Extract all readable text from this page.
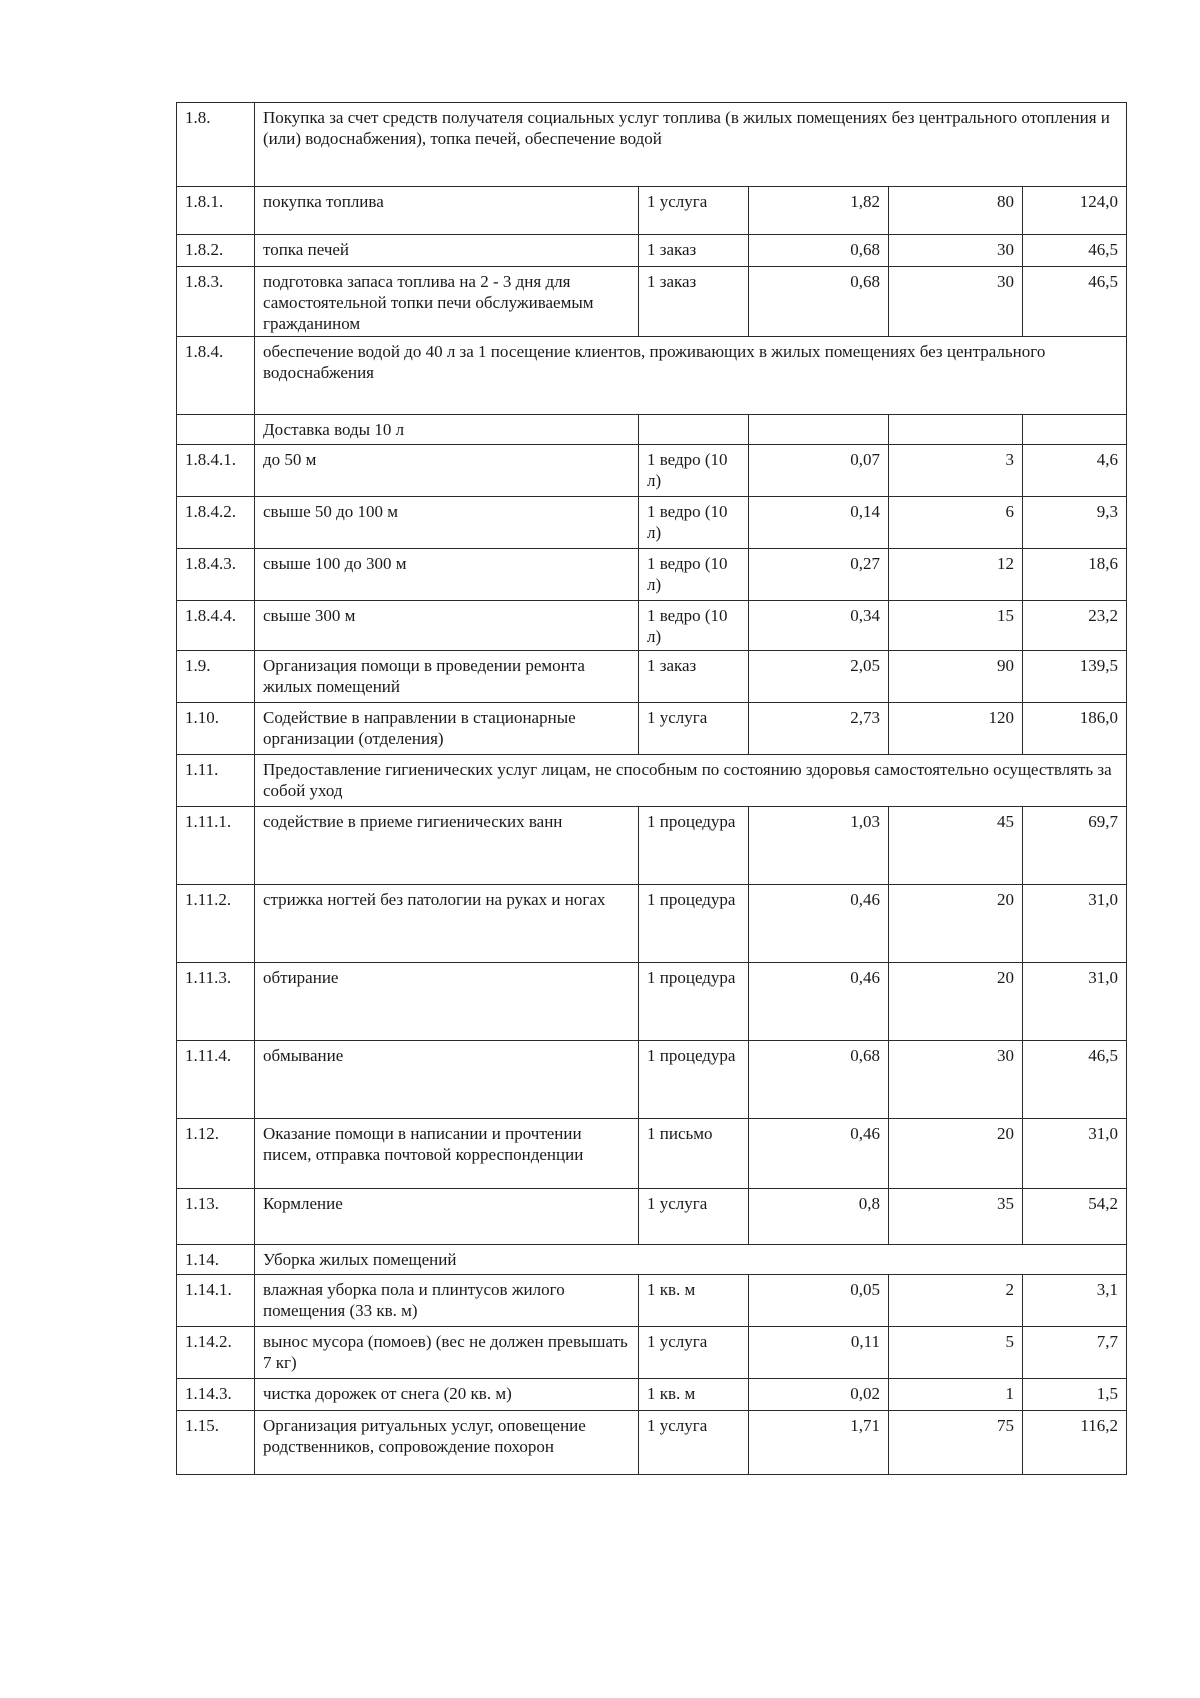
1.8.	Покупка за счет средств получателя социальных услуг топлива (в жилых помещениях без центрального отопления и (или) водоснабжения), топка печей, обеспечение водой				
1.8.1.	покупка топлива	1 услуга	1,82	80	124,0
1.8.2.	топка печей	1 заказ	0,68	30	46,5
1.8.3.	подготовка запаса топлива на 2 - 3 дня для самостоятельной топки печи обслуживаемым гражданином	1 заказ	0,68	30	46,5
1.8.4.	обеспечение водой до 40 л за 1 посещение клиентов, проживающих в жилых помещениях без центрального водоснабжения				
	Доставка воды 10 л				
1.8.4.1.	до 50 м	1 ведро (10 л)	0,07	3	4,6
1.8.4.2.	свыше 50 до 100 м	1 ведро (10 л)	0,14	6	9,3
1.8.4.3.	свыше 100 до 300 м	1 ведро (10 л)	0,27	12	18,6
1.8.4.4.	свыше 300 м	1 ведро (10 л)	0,34	15	23,2
1.9.	Организация помощи в проведении ремонта жилых помещений	1 заказ	2,05	90	139,5
1.10.	Содействие в направлении в стационарные организации (отделения)	1 услуга	2,73	120	186,0
1.11.	Предоставление гигиенических услуг лицам, не способным по состоянию здоровья самостоятельно осуществлять за собой уход				
1.11.1.	содействие в приеме гигиенических ванн	1 процедура	1,03	45	69,7
1.11.2.	стрижка ногтей без патологии на руках и ногах	1 процедура	0,46	20	31,0
1.11.3.	обтирание	1 процедура	0,46	20	31,0
1.11.4.	обмывание	1 процедура	0,68	30	46,5
1.12.	Оказание помощи в написании и прочтении писем, отправка почтовой корреспонденции	1 письмо	0,46	20	31,0
1.13.	Кормление	1 услуга	0,8	35	54,2
1.14.	Уборка жилых помещений				
1.14.1.	влажная уборка пола и плинтусов жилого помещения (33 кв. м)	1 кв. м	0,05	2	3,1
1.14.2.	вынос мусора (помоев) (вес не должен превышать 7 кг)	1 услуга	0,11	5	7,7
1.14.3.	чистка дорожек от снега (20 кв. м)	1 кв. м	0,02	1	1,5
1.15.	Организация ритуальных услуг, оповещение родственников, сопровождение похорон	1 услуга	1,71	75	116,2
